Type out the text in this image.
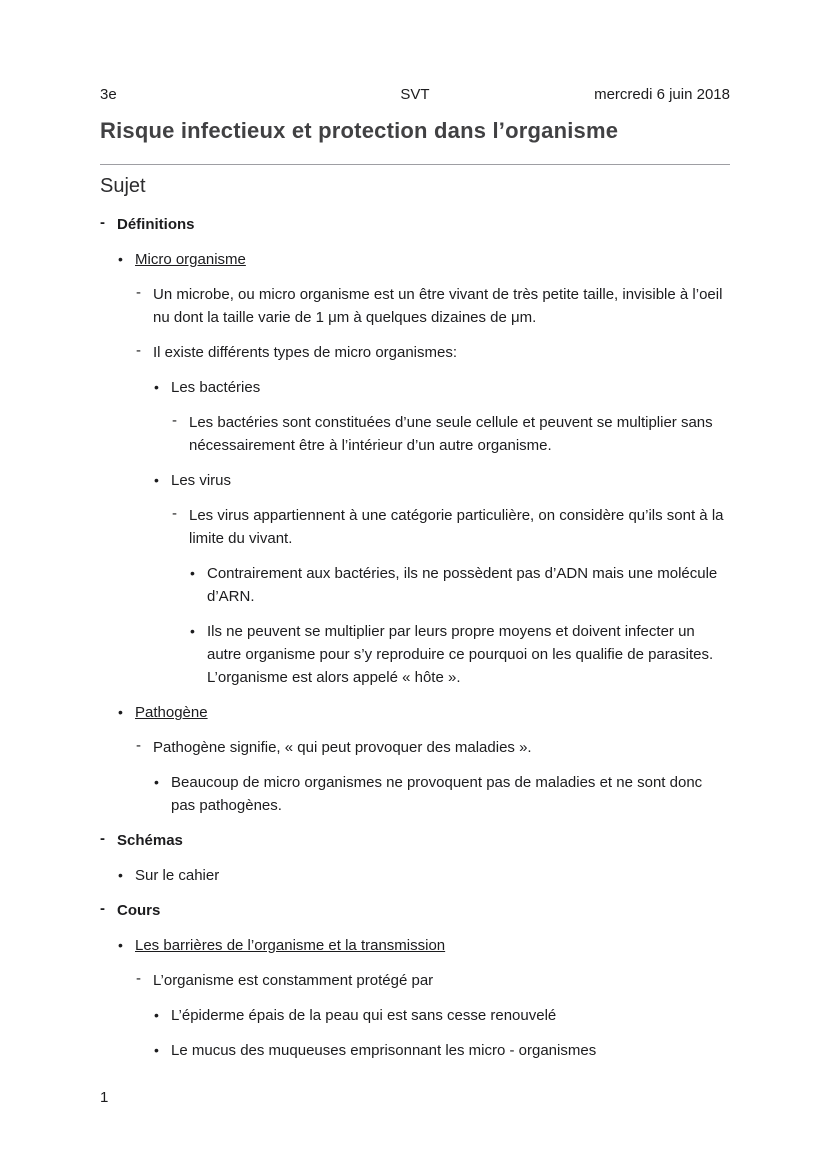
3e	SVT	mercredi 6 juin 2018
Risque infectieux et protection dans l’organisme
Sujet
- Définitions
• Micro organisme
- Un microbe, ou micro organisme est un être vivant de très petite taille, invisible à l’oeil nu dont la taille varie de 1 μm à quelques dizaines de μm.
- Il existe différents types de micro organismes:
• Les bactéries
- Les bactéries sont constituées d’une seule cellule et peuvent se multiplier sans nécessairement être à l’intérieur d’un autre organisme.
• Les virus
- Les virus appartiennent à une catégorie particulière, on considère qu’ils sont à la limite du vivant.
• Contrairement aux bactéries, ils ne possèdent pas d’ADN mais une molécule d’ARN.
• Ils ne peuvent se multiplier par leurs propre moyens et doivent infecter un autre organisme pour s’y reproduire ce pourquoi on les qualifie de parasites. L’organisme est alors appelé « hôte ».
• Pathogène
- Pathogène signifie, « qui peut provoquer des maladies ».
• Beaucoup de micro organismes ne provoquent pas de maladies et ne sont donc pas pathogènes.
- Schémas
• Sur le cahier
- Cours
• Les barrières de l’organisme et la transmission
- L’organisme est constamment protégé par
• L’épiderme épais de la peau qui est sans cesse renouvelé
• Le mucus des muqueuses emprisonnant les micro - organismes
1
